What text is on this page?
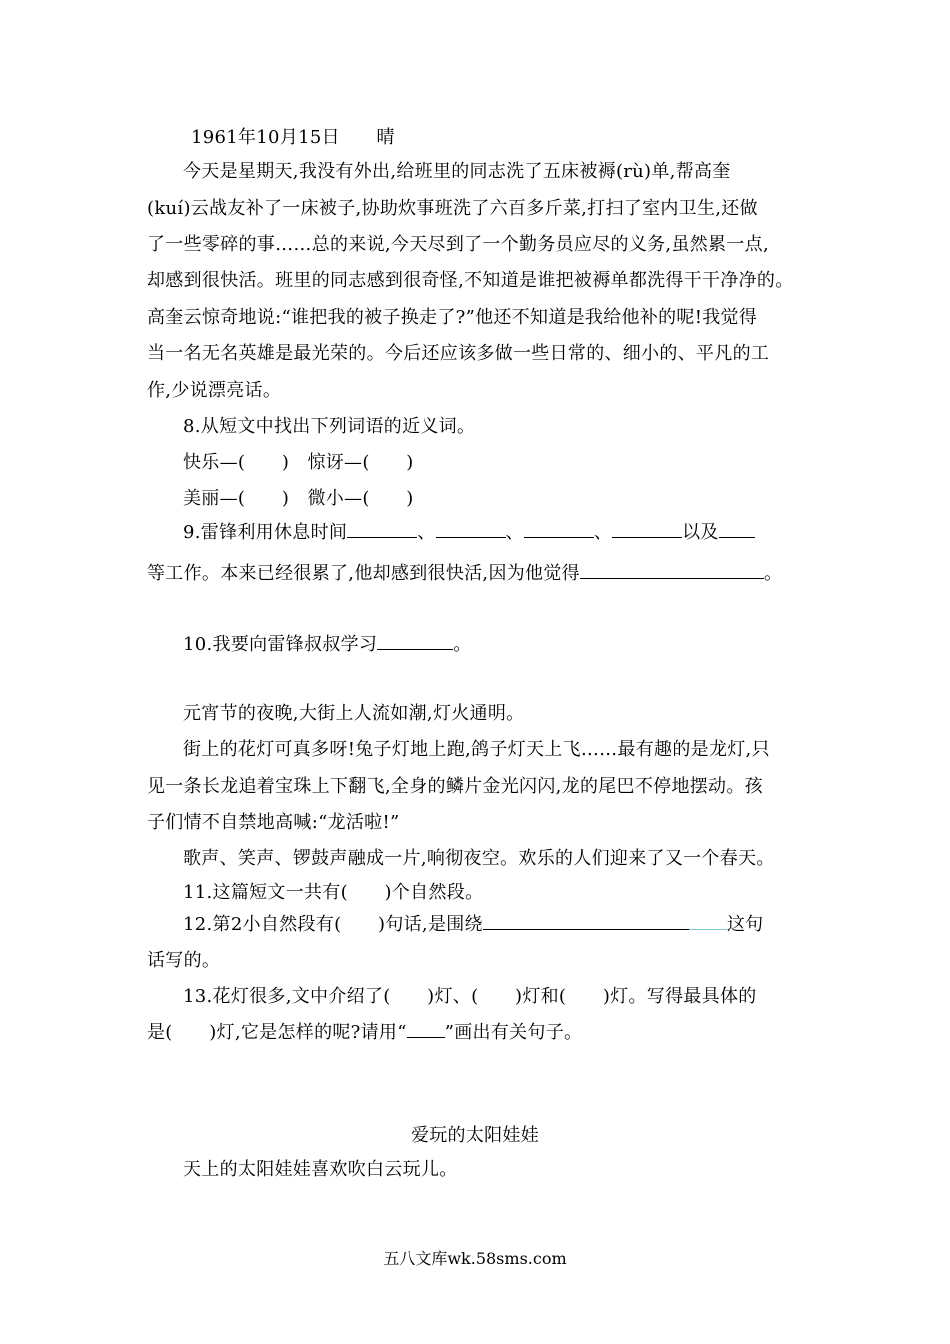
1961年10月15日　　晴
今天是星期天,我没有外出,给班里的同志洗了五床被褥(rù)单,帮高奎
(kuí)云战友补了一床被子,协助炊事班洗了六百多斤菜,打扫了室内卫生,还做
了一些零碎的事……总的来说,今天尽到了一个勤务员应尽的义务,虽然累一点,
却感到很快活。班里的同志感到很奇怪,不知道是谁把被褥单都洗得干干净净的。
高奎云惊奇地说:“谁把我的被子换走了?”他还不知道是我给他补的呢!我觉得
当一名无名英雄是最光荣的。今后还应该多做一些日常的、细小的、平凡的工
作,少说漂亮话。
8.从短文中找出下列词语的近义词。
快乐—(　　)　惊讶—(　　)
美丽—(　　)　微小—(　　)
9.雷锋利用休息时间	、	、	、	以及
等工作。本来已经很累了,他却感到很快活,因为他觉得	。
10.我要向雷锋叔叔学习	。
元宵节的夜晚,大街上人流如潮,灯火通明。
街上的花灯可真多呀!兔子灯地上跑,鸽子灯天上飞……最有趣的是龙灯,只
见一条长龙追着宝珠上下翻飞,全身的鳞片金光闪闪,龙的尾巴不停地摆动。孩
子们情不自禁地高喊:“龙活啦!”
歌声、笑声、锣鼓声融成一片,响彻夜空。欢乐的人们迎来了又一个春天。
11.这篇短文一共有(　　)个自然段。
12.第2小自然段有(　　)句话,是围绕	这句
话写的。
13.花灯很多,文中介绍了(　　)灯、(　　)灯和(　　)灯。写得最具体的
是(　　)灯,它是怎样的呢?请用“ ”画出有关句子。
爱玩的太阳娃娃
天上的太阳娃娃喜欢吹白云玩儿。
五八文库wk.58sms.com
